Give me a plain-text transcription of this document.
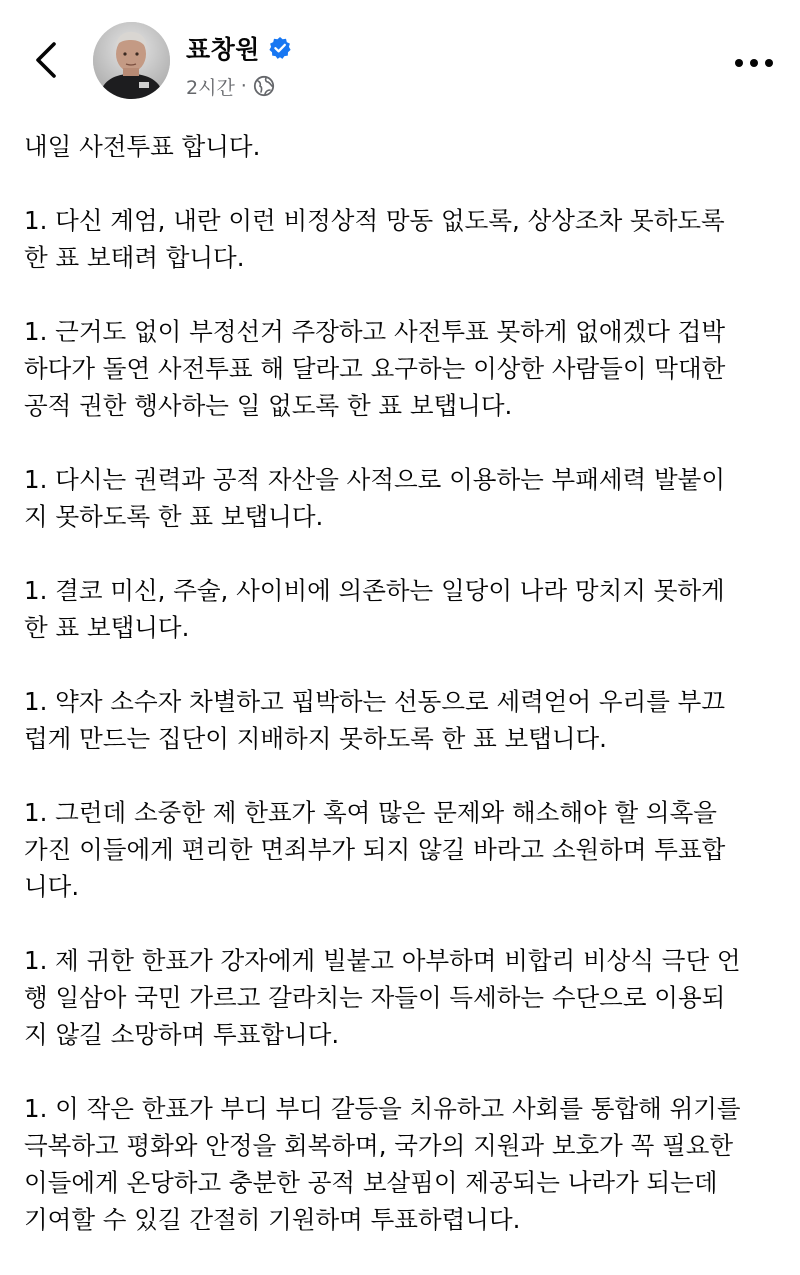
표창원
2시간 ·

내일 사전투표 합니다.

1. 다신 계엄, 내란 이런 비정상적 망동 없도록, 상상조차 못하도록
한 표 보태려 합니다.

1. 근거도 없이 부정선거 주장하고 사전투표 못하게 없애겠다 겁박
하다가 돌연 사전투표 해 달라고 요구하는 이상한 사람들이 막대한
공적 권한 행사하는 일 없도록 한 표 보탭니다.

1. 다시는 권력과 공적 자산을 사적으로 이용하는 부패세력 발붙이
지 못하도록 한 표 보탭니다.

1. 결코 미신, 주술, 사이비에 의존하는 일당이 나라 망치지 못하게
한 표 보탭니다.

1. 약자 소수자 차별하고 핍박하는 선동으로 세력얻어 우리를 부끄
럽게 만드는 집단이 지배하지 못하도록 한 표 보탭니다.

1. 그런데 소중한 제 한표가 혹여 많은 문제와 해소해야 할 의혹을
가진 이들에게 편리한 면죄부가 되지 않길 바라고 소원하며 투표합
니다.

1. 제 귀한 한표가 강자에게 빌붙고 아부하며 비합리 비상식 극단 언
행 일삼아 국민 가르고 갈라치는 자들이 득세하는 수단으로 이용되
지 않길 소망하며 투표합니다.

1. 이 작은 한표가 부디 부디 갈등을 치유하고 사회를 통합해 위기를
극복하고 평화와 안정을 회복하며, 국가의 지원과 보호가 꼭 필요한
이들에게 온당하고 충분한 공적 보살핌이 제공되는 나라가 되는데
기여할 수 있길 간절히 기원하며 투표하렵니다.
